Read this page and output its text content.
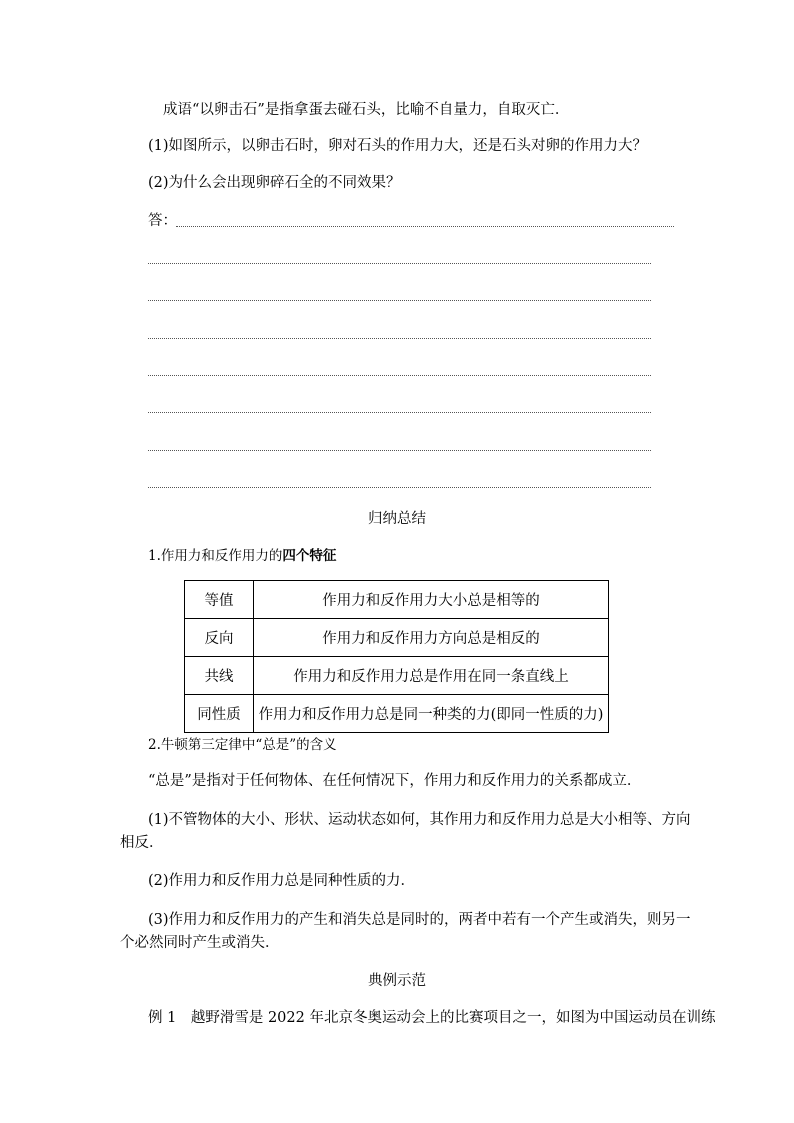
成语“以卵击石”是指拿蛋去碰石头，比喻不自量力，自取灭亡．
(1)如图所示，以卵击石时，卵对石头的作用力大，还是石头对卵的作用力大？
(2)为什么会出现卵碎石全的不同效果？
答：
归纳总结
1.作用力和反作用力的四个特征
等值	作用力和反作用力大小总是相等的
反向	作用力和反作用力方向总是相反的
共线	作用力和反作用力总是作用在同一条直线上
同性质	作用力和反作用力总是同一种类的力(即同一性质的力)
2.牛顿第三定律中“总是”的含义
“总是”是指对于任何物体、在任何情况下，作用力和反作用力的关系都成立．
(1)不管物体的大小、形状、运动状态如何，其作用力和反作用力总是大小相等、方向
相反．
(2)作用力和反作用力总是同种性质的力．
(3)作用力和反作用力的产生和消失总是同时的，两者中若有一个产生或消失，则另一
个必然同时产生或消失．
典例示范
例 1　越野滑雪是 2022 年北京冬奥运动会上的比赛项目之一，如图为中国运动员在训练
